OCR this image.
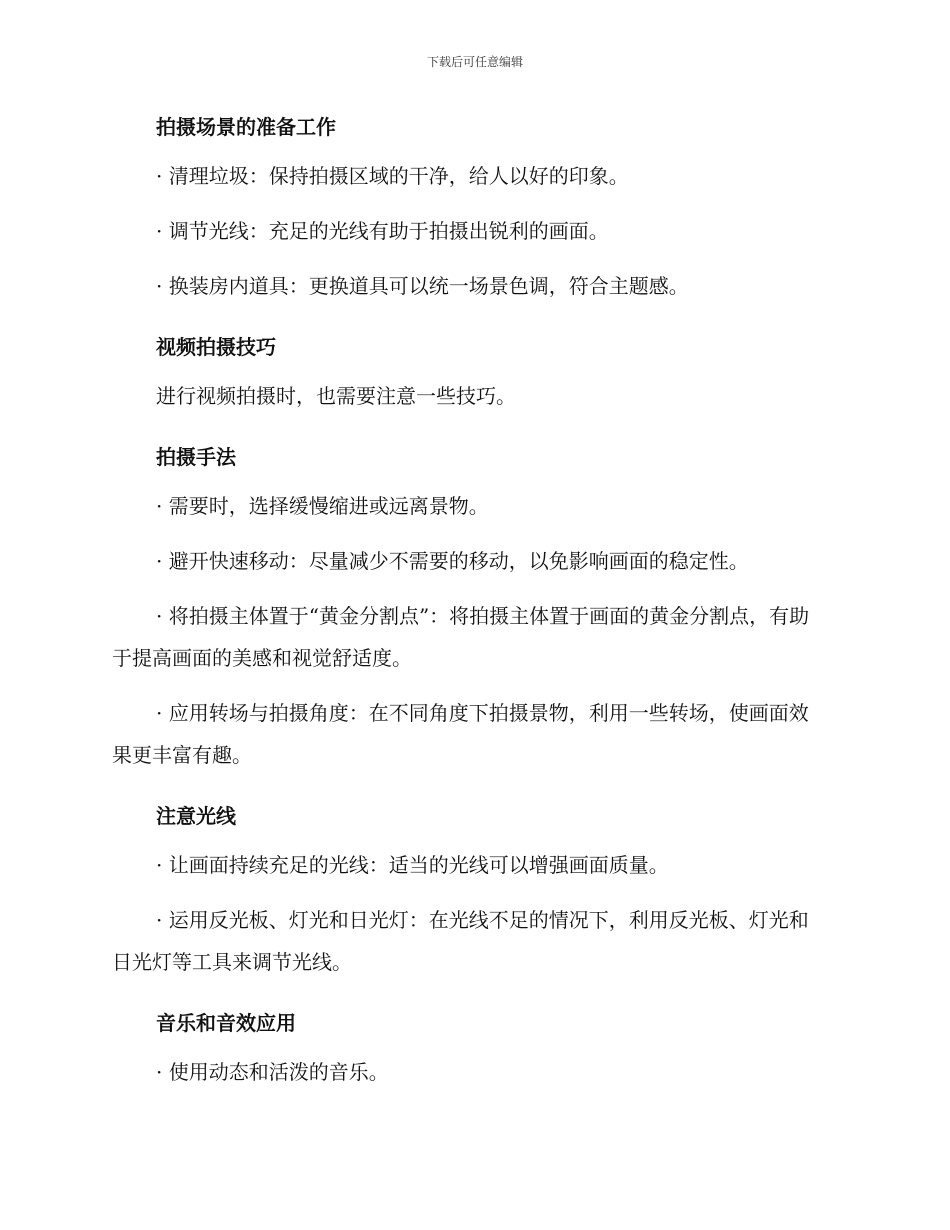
下载后可任意编辑
拍摄场景的准备工作

· 清理垃圾：保持拍摄区域的干净，给人以好的印象。

· 调节光线：充足的光线有助于拍摄出锐利的画面。

· 换装房内道具：更换道具可以统一场景色调，符合主题感。

视频拍摄技巧

进行视频拍摄时，也需要注意一些技巧。

拍摄手法

· 需要时，选择缓慢缩进或远离景物。

· 避开快速移动：尽量减少不需要的移动，以免影响画面的稳定性。

· 将拍摄主体置于“黄金分割点”：将拍摄主体置于画面的黄金分割点，有助于提高画面的美感和视觉舒适度。

· 应用转场与拍摄角度：在不同角度下拍摄景物，利用一些转场，使画面效果更丰富有趣。

注意光线

· 让画面持续充足的光线：适当的光线可以增强画面质量。

· 运用反光板、灯光和日光灯：在光线不足的情况下，利用反光板、灯光和日光灯等工具来调节光线。

音乐和音效应用

· 使用动态和活泼的音乐。
